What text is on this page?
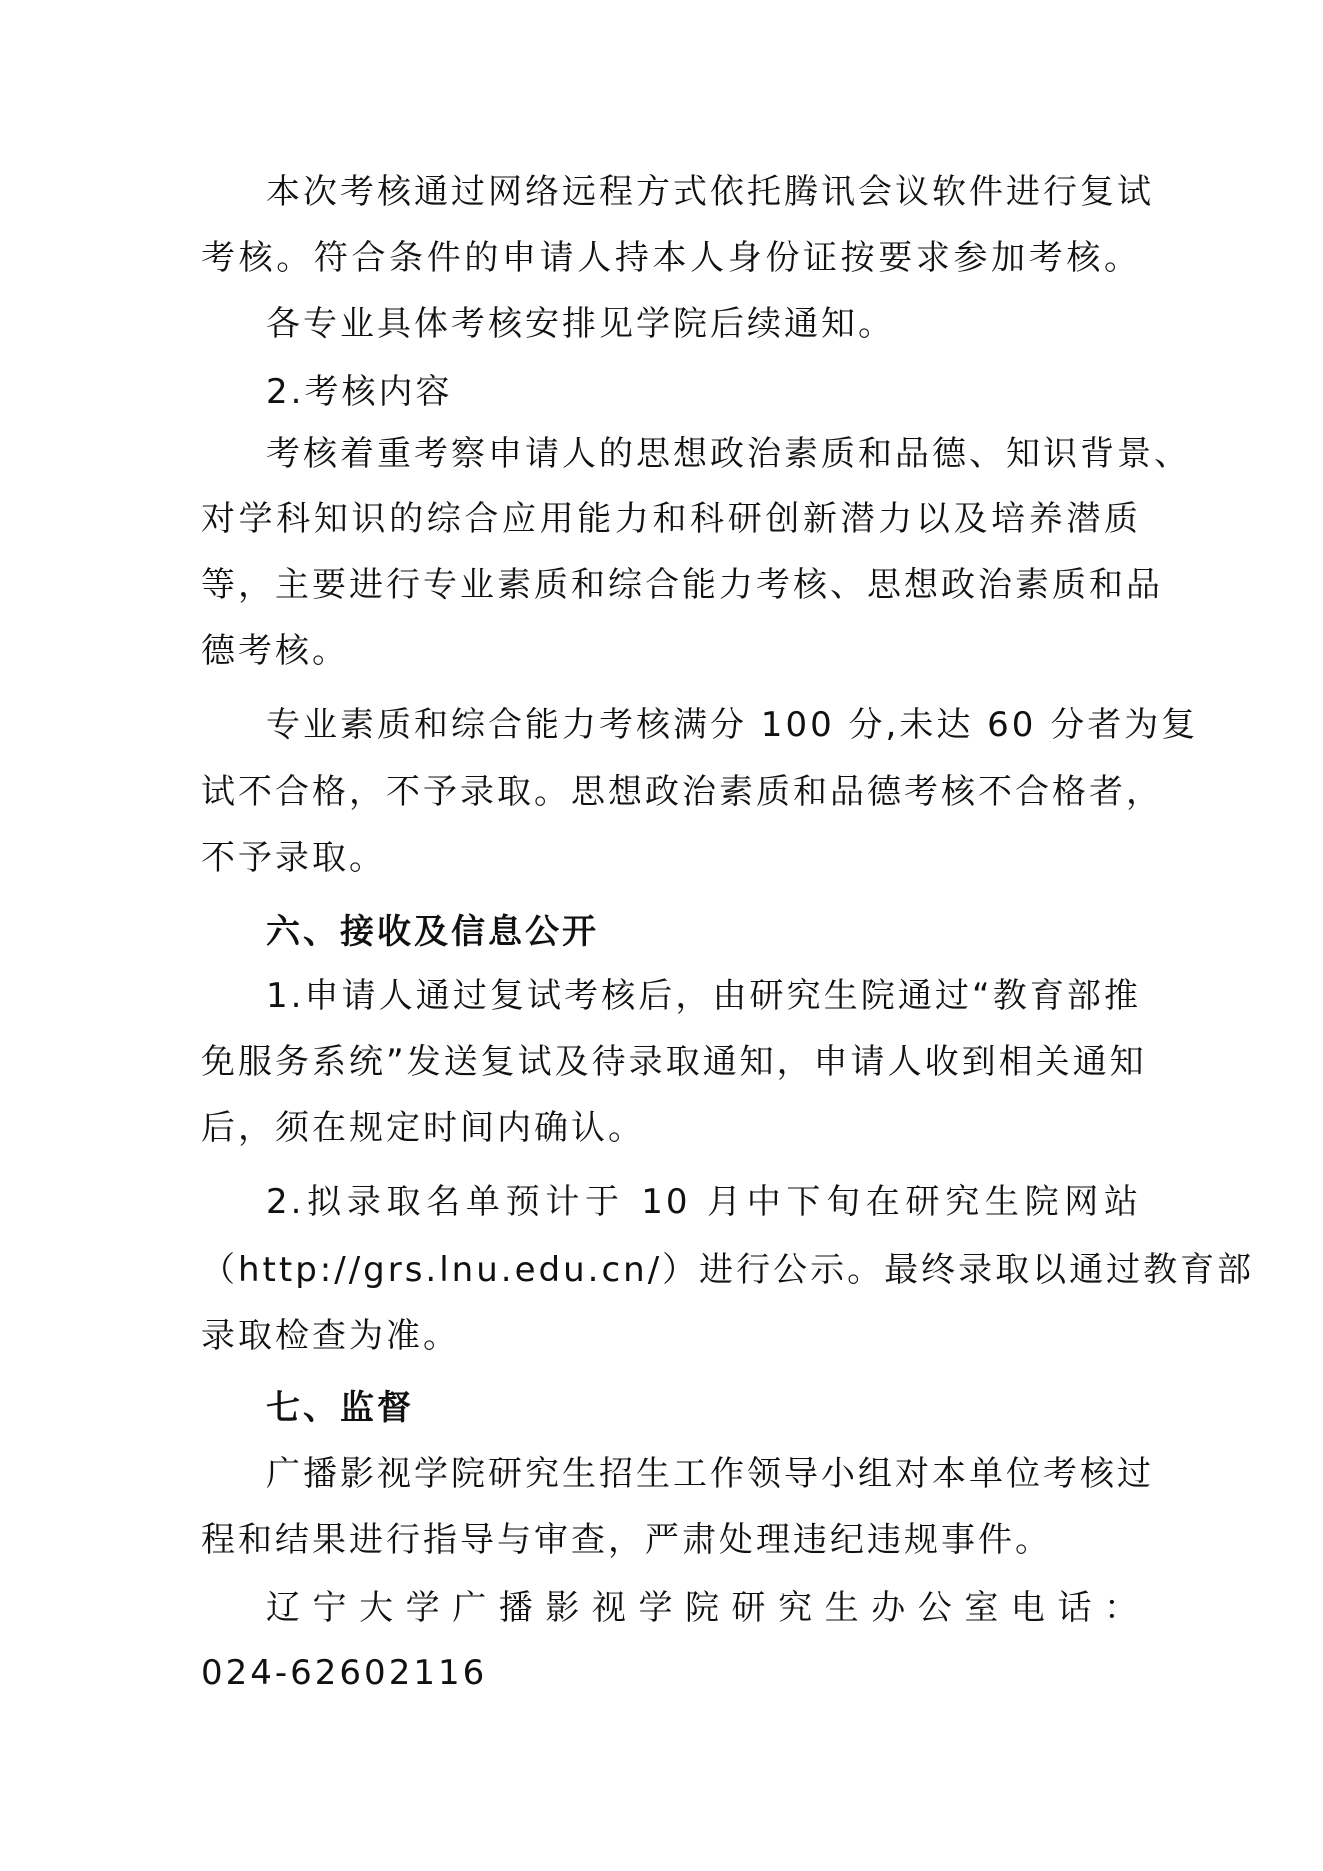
本次考核通过网络远程方式依托腾讯会议软件进行复试
考核。符合条件的申请人持本人身份证按要求参加考核。
各专业具体考核安排见学院后续通知。
2.考核内容
考核着重考察申请人的思想政治素质和品德、知识背景、
对学科知识的综合应用能力和科研创新潜力以及培养潜质
等，主要进行专业素质和综合能力考核、思想政治素质和品
德考核。
专业素质和综合能力考核满分 100 分,未达 60 分者为复
试不合格，不予录取。思想政治素质和品德考核不合格者，
不予录取。
六、接收及信息公开
1.申请人通过复试考核后，由研究生院通过“教育部推
免服务系统”发送复试及待录取通知，申请人收到相关通知
后，须在规定时间内确认。
2.拟录取名单预计于 10 月中下旬在研究生院网站
（http://grs.lnu.edu.cn/）进行公示。最终录取以通过教育部
录取检查为准。
七、监督
广播影视学院研究生招生工作领导小组对本单位考核过
程和结果进行指导与审查，严肃处理违纪违规事件。
辽宁大学广播影视学院研究生办公室电话：
024-62602116
